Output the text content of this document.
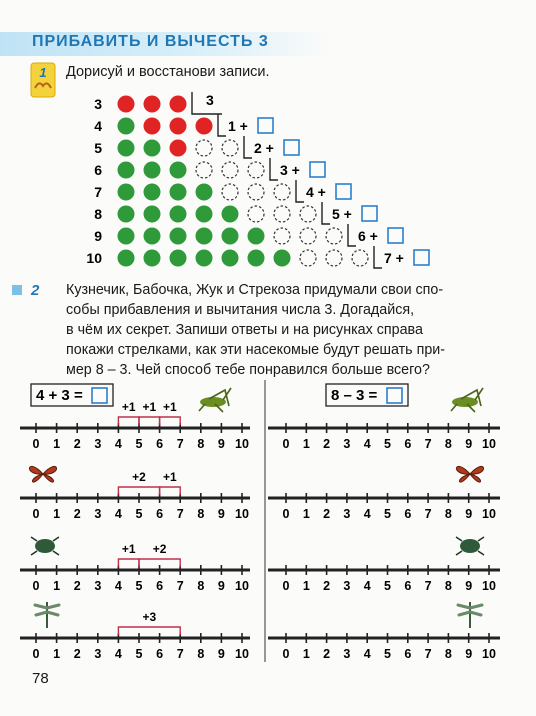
ПРИБАВИТЬ И ВЫЧЕСТЬ 3
1 Дорисуй и восстанови записи.
3	3
4	1 +
5	2 +
6	3 +
7	4 +
8	5 +
9	6 +
10	7 +
2 Кузнечик, Бабочка, Жук и Стрекоза придумали свои спо-
собы прибавления и вычитания числа 3. Догадайся,
в чём их секрет. Запиши ответы и на рисунках справа
покажи стрелками, как эти насекомые будут решать при-
мер 8 – 3. Чей способ тебе понравился больше всего?
0 1 2 3 4 5 6 7 8 9 10
+1 +1 +1
0 1 2 3 4 5 6 7 8 9 10
+2 +1
0 1 2 3 4 5 6 7 8 9 10
+1 +2
0 1 2 3 4 5 6 7 8 9 10
+3
0 1 2 3 4 5 6 7 8 9 10
0 1 2 3 4 5 6 7 8 9 10
0 1 2 3 4 5 6 7 8 9 10
0 1 2 3 4 5 6 7 8 9 10
4 + 3 =	8 – 3 =
78
